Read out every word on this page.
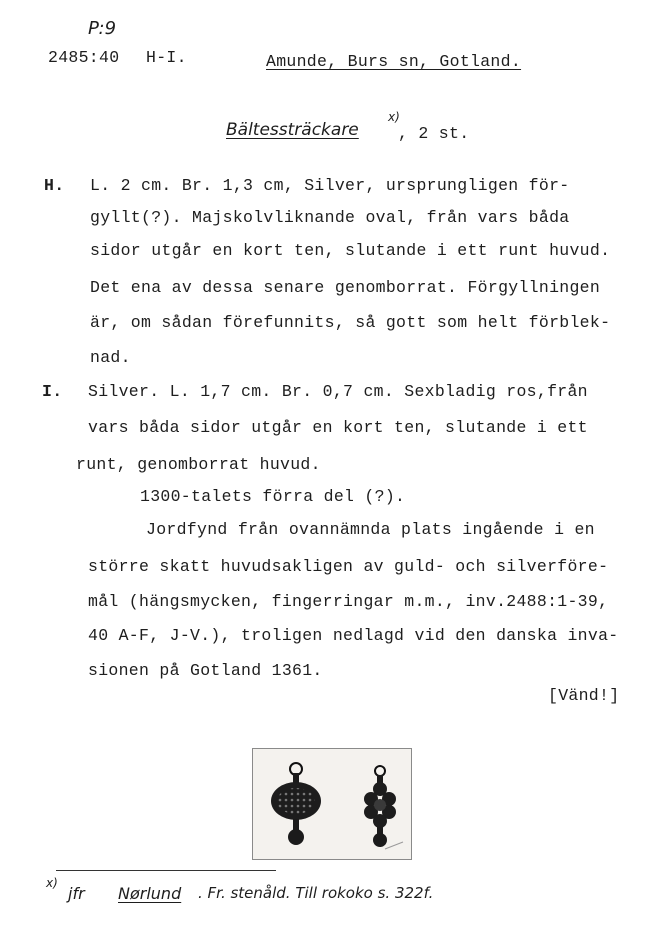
P:9
2485:40 H-I.	Amunde, Burs sn, Gotland.
Bältessträckare
x)
, 2 st.
H. L. 2 cm. Br. 1,3 cm, Silver, ursprungligen för-
gyllt(?). Majskolvliknande oval, från vars båda
sidor utgår en kort ten, slutande i ett runt huvud.
Det ena av dessa senare genomborrat. Förgyllningen
är, om sådan förefunnits, så gott som helt förblek-
nad.
I. Silver. L. 1,7 cm. Br. 0,7 cm. Sexbladig ros,från
vars båda sidor utgår en kort ten, slutande i ett
runt, genomborrat huvud.
1300-talets förra del (?).
Jordfynd från ovannämnda plats ingående i en
större skatt huvudsakligen av guld- och silverföre-
mål (hängsmycken, fingerringar m.m., inv.2488:1-39,
40 A-F, J-V.), troligen nedlagd vid den danska inva-
sionen på Gotland 1361.
[Vänd!]
x)
jfr Nørlund . Fr. stenåld. Till rokoko s. 322f.
